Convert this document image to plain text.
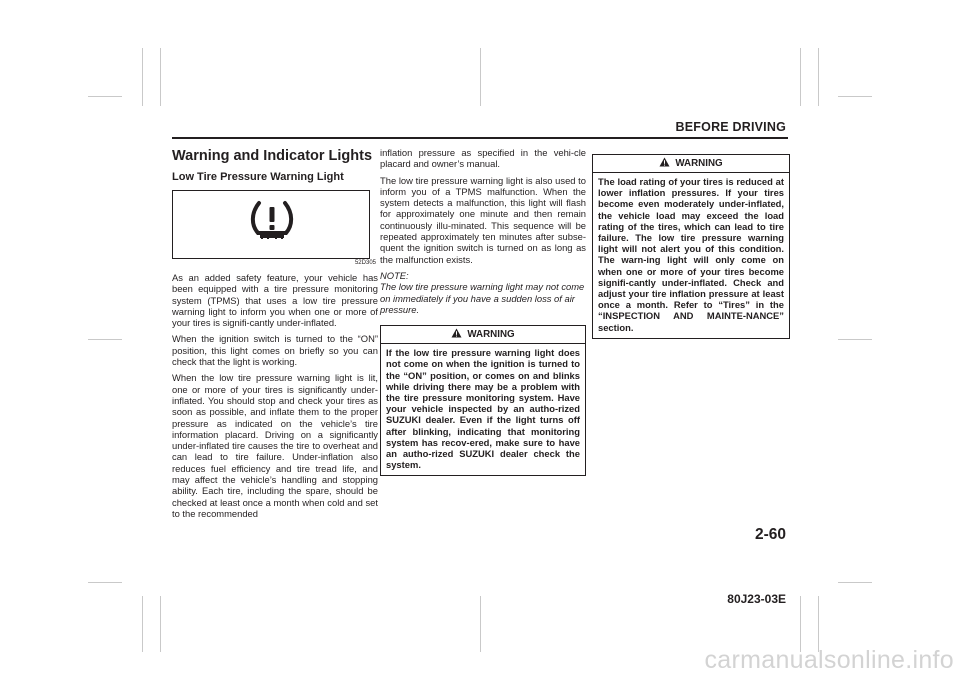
BEFORE DRIVING
Warning and Indicator Lights
Low Tire Pressure Warning Light
52D305

As an added safety feature, your vehicle has been equipped with a tire pressure monitoring system (TPMS) that uses a low tire pressure warning light to inform you when one or more of your tires is signifi-cantly under-inflated.

When the ignition switch is turned to the “ON” position, this light comes on briefly so you can check that the light is working.

When the low tire pressure warning light is lit, one or more of your tires is significantly under-inflated. You should stop and check your tires as soon as possible, and inflate them to the proper pressure as indicated on the vehicle’s tire information placard. Driving on a significantly under-inflated tire causes the tire to overheat and can lead to tire failure. Under-inflation also reduces fuel efficiency and tire tread life, and may affect the vehicle’s handling and stopping ability. Each tire, including the spare, should be checked at least once a month when cold and set to the recommended

inflation pressure as specified in the vehi-cle placard and owner’s manual.

The low tire pressure warning light is also used to inform you of a TPMS malfunction. When the system detects a malfunction, this light will flash for approximately one minute and then remain continuously illu-minated. This sequence will be repeated approximately ten minutes after subse-quent the ignition switch is turned on as long as the malfunction exists.

NOTE:

The low tire pressure warning light may not come on immediately if you have a sudden loss of air pressure.

WARNING
If the low tire pressure warning light does not come on when the ignition is turned to the “ON” position, or comes on and blinks while driving there may be a problem with the tire pressure monitoring system. Have your vehicle inspected by an autho-rized SUZUKI dealer. Even if the light turns off after blinking, indicating that monitoring system has recov-ered, make sure to have an autho-rized SUZUKI dealer check the system.
WARNING
The load rating of your tires is reduced at lower inflation pressures. If your tires become even moderately under-inflated, the vehicle load may exceed the load rating of the tires, which can lead to tire failure. The low tire pressure warning light will not alert you of this condition. The warn-ing light will only come on when one or more of your tires become signifi-cantly under-inflated. Check and adjust your tire inflation pressure at least once a month. Refer to “Tires” in the “INSPECTION AND MAINTE-NANCE” section.
2-60
80J23-03E
carmanualsonline.info
